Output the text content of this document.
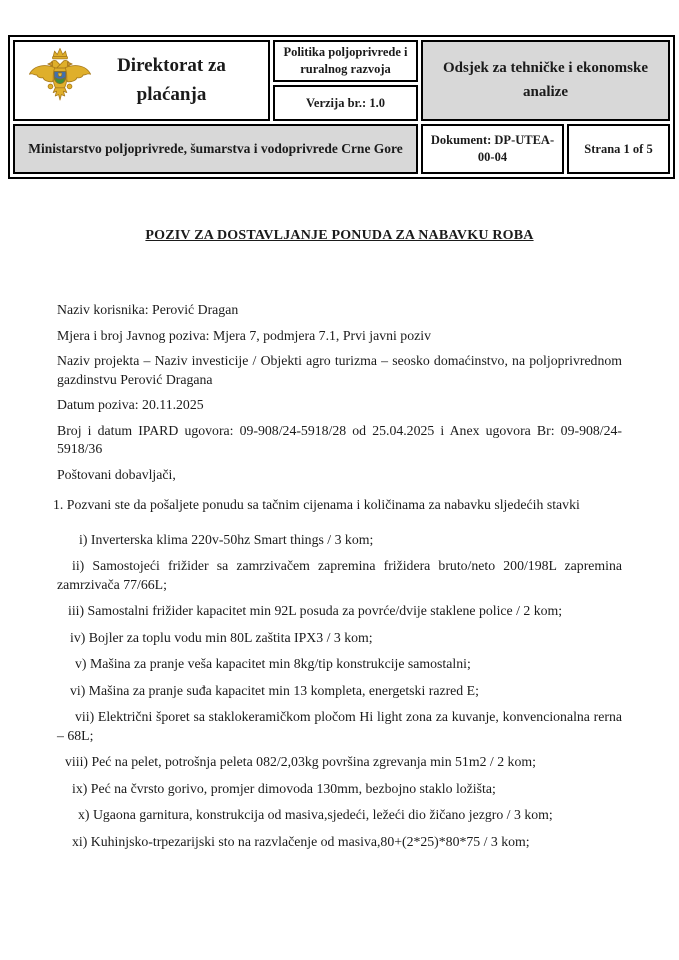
Direktorat za plaćanja	Politika poljoprivrede i ruralnog razvoja	Odsjek za tehničke i ekonomske analize	
	Verzija br.: 1.0		
Ministarstvo poljoprivrede, šumarstva i vodoprivrede Crne Gore		Dokument: DP-UTEA-00-04	Strana 1 of 5
POZIV ZA DOSTAVLJANJE PONUDA ZA NABAVKU ROBA

Naziv korisnika: Perović Dragan

Mjera i broj Javnog poziva: Mjera 7, podmjera 7.1, Prvi javni poziv

Naziv projekta – Naziv investicije / Objekti agro turizma – seosko domaćinstvo, na poljoprivrednom gazdinstvu Perović Dragana

Datum poziva: 20.11.2025

Broj i datum IPARD ugovora: 09-908/24-5918/28 od 25.04.2025 i Anex ugovora Br: 09-908/24-5918/36

Poštovani dobavljači,

1. Pozvani ste da pošaljete ponudu sa tačnim cijenama i količinama za nabavku sljedećih stavki

i) Inverterska klima 220v-50hz Smart things / 3 kom;

ii) Samostojeći frižider sa zamrzivačem zapremina frižidera bruto/neto 200/198L zapremina zamrzivača 77/66L;

iii) Samostalni frižider kapacitet min 92L posuda za povrće/dvije staklene police / 2 kom;

iv) Bojler za toplu vodu min 80L zaštita IPX3 / 3 kom;

v) Mašina za pranje veša kapacitet min 8kg/tip konstrukcije samostalni;

vi) Mašina za pranje suđa kapacitet min 13 kompleta, energetski razred E;

vii) Električni šporet sa staklokeramičkom pločom Hi light zona za kuvanje, konvencionalna rerna – 68L;

viii) Peć na pelet, potrošnja peleta 082/2,03kg površina zgrevanja min 51m2 / 2 kom;

ix) Peć na čvrsto gorivo, promjer dimovoda 130mm, bezbojno staklo ložišta;

x) Ugaona garnitura, konstrukcija od masiva,sjedeći, ležeći dio žičano jezgro / 3 kom;

xi) Kuhinjsko-trpezarijski sto na razvlačenje od masiva,80+(2*25)*80*75 / 3 kom;
